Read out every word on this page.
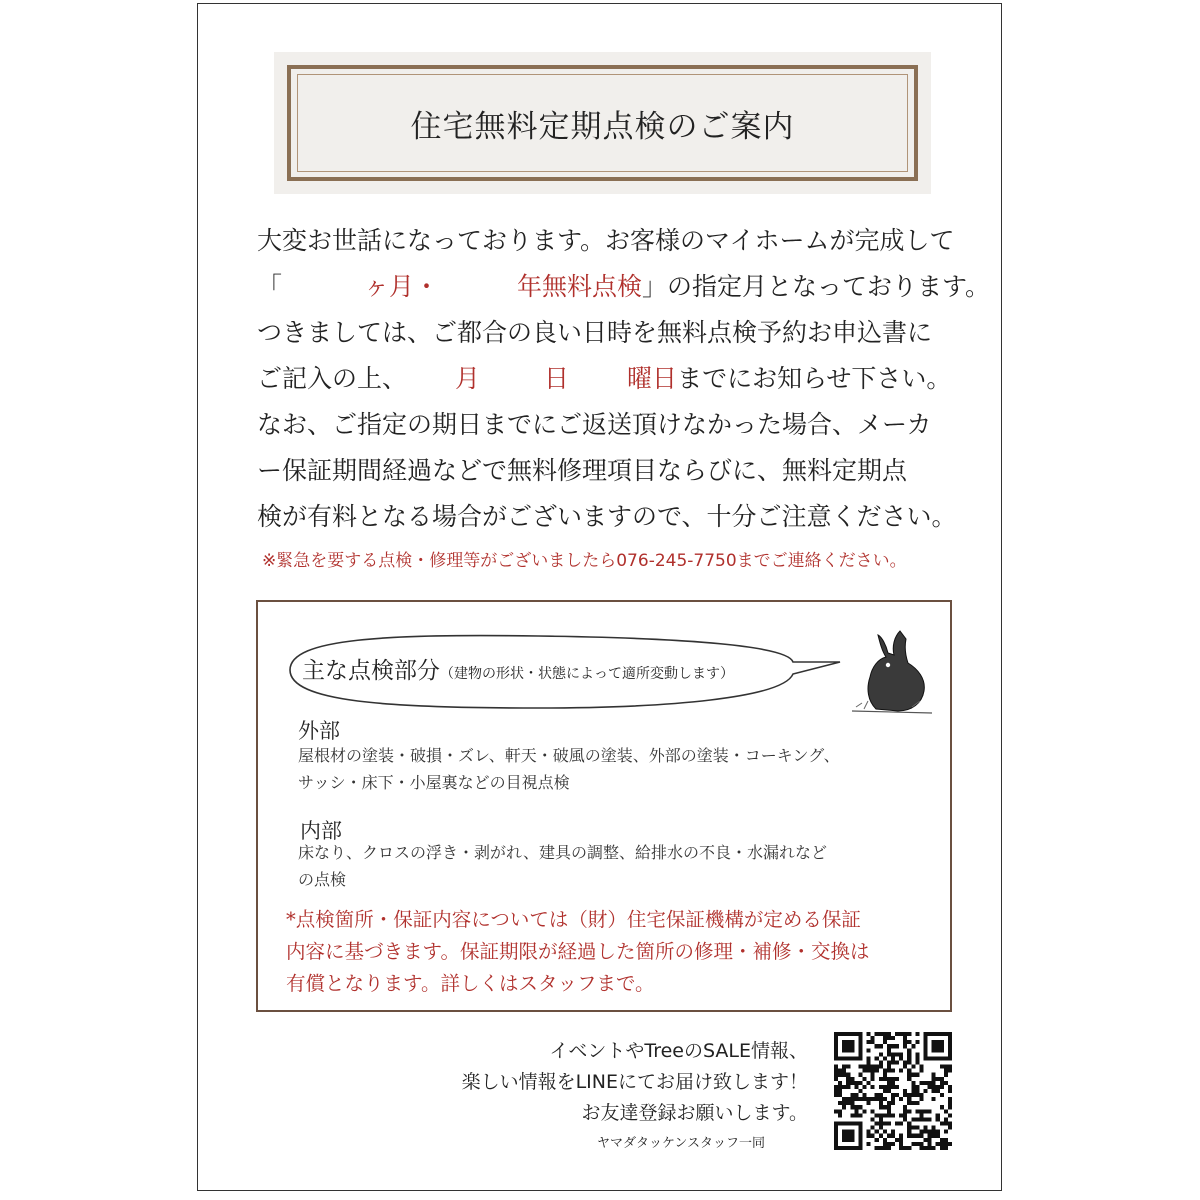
住宅無料定期点検のご案内
大変お世話になっております。お客様のマイホームが完成して
「	ヶ月・	年無料点検」の指定月となっております。
つきましては、ご都合の良い日時を無料点検予約お申込書に
ご記入の上、 月	日 曜日までにお知らせ下さい。
なお、ご指定の期日までにご返送頂けなかった場合、メーカ
ー保証期間経過などで無料修理項目ならびに、無料定期点
検が有料となる場合がございますので、十分ご注意ください。
※緊急を要する点検・修理等がございましたら076-245-7750までご連絡ください。
主な点検部分（建物の形状・状態によって適所変動します）
外部
屋根材の塗装・破損・ズレ、軒天・破風の塗装、外部の塗装・コーキング、
サッシ・床下・小屋裏などの目視点検
内部
床なり、クロスの浮き・剥がれ、建具の調整、給排水の不良・水漏れなど
の点検
*点検箇所・保証内容については（財）住宅保証機構が定める保証
内容に基づきます。保証期限が経過した箇所の修理・補修・交換は
有償となります。詳しくはスタッフまで。
イベントやTreeのSALE情報、
楽しい情報をLINEにてお届け致します！
お友達登録お願いします。
ヤマダタッケンスタッフ一同
